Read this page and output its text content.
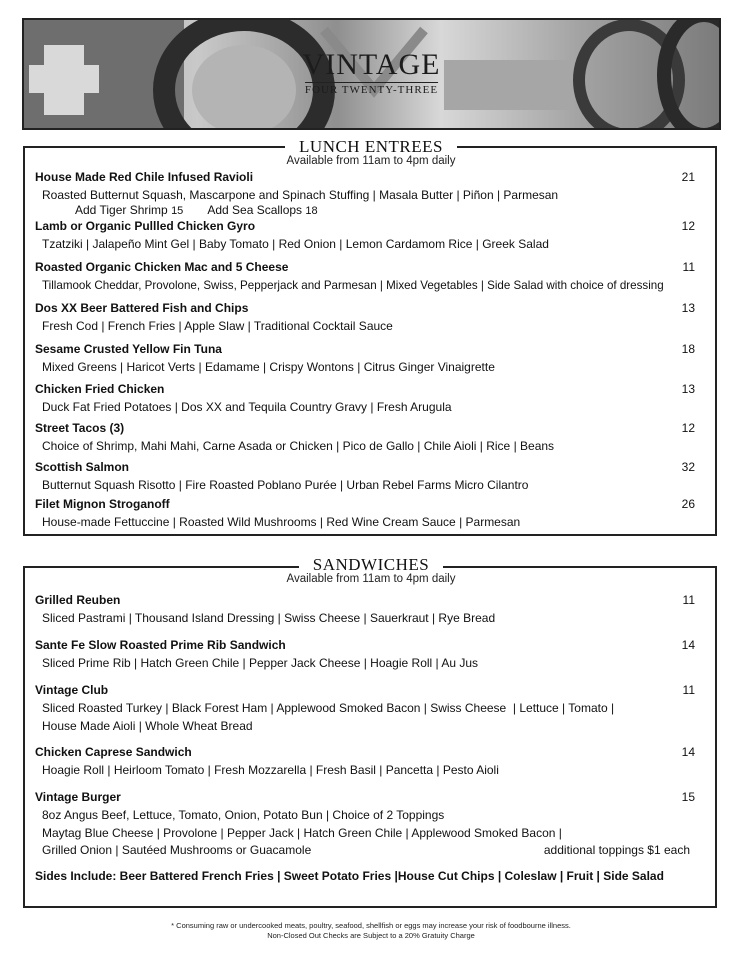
VINTAGE
FOUR TWENTY-THREE
LUNCH ENTREES
Available from 11am to 4pm daily
House Made Red Chile Infused Ravioli	21
Roasted Butternut Squash, Mascarpone and Spinach Stuffing | Masala Butter | Piñon | Parmesan
Add Tiger Shrimp 15 Add Sea Scallops 18
Lamb or Organic Pullled Chicken Gyro	12
Tzatziki | Jalapeño Mint Gel | Baby Tomato | Red Onion | Lemon Cardamom Rice | Greek Salad
Roasted Organic Chicken Mac and 5 Cheese	11
Tillamook Cheddar, Provolone, Swiss, Pepperjack and Parmesan | Mixed Vegetables | Side Salad with choice of dressing
Dos XX Beer Battered Fish and Chips	13
Fresh Cod | French Fries | Apple Slaw | Traditional Cocktail Sauce
Sesame Crusted Yellow Fin Tuna	18
Mixed Greens | Haricot Verts | Edamame | Crispy Wontons | Citrus Ginger Vinaigrette
Chicken Fried Chicken	13
Duck Fat Fried Potatoes | Dos XX and Tequila Country Gravy | Fresh Arugula
Street Tacos (3)	12
Choice of Shrimp, Mahi Mahi, Carne Asada or Chicken | Pico de Gallo | Chile Aioli | Rice | Beans
Scottish Salmon	32
Butternut Squash Risotto | Fire Roasted Poblano Purée | Urban Rebel Farms Micro Cilantro
Filet Mignon Stroganoff	26
House-made Fettuccine | Roasted Wild Mushrooms | Red Wine Cream Sauce | Parmesan
SANDWICHES
Available from 11am to 4pm daily
Grilled Reuben	11
Sliced Pastrami | Thousand Island Dressing | Swiss Cheese | Sauerkraut | Rye Bread
Sante Fe Slow Roasted Prime Rib Sandwich	14
Sliced Prime Rib | Hatch Green Chile | Pepper Jack Cheese | Hoagie Roll | Au Jus
Vintage Club	11
Sliced Roasted Turkey | Black Forest Ham | Applewood Smoked Bacon | Swiss Cheese  | Lettuce | Tomato |
House Made Aioli | Whole Wheat Bread
Chicken Caprese Sandwich	14
Hoagie Roll | Heirloom Tomato | Fresh Mozzarella | Fresh Basil | Pancetta | Pesto Aioli
Vintage Burger	15
8oz Angus Beef, Lettuce, Tomato, Onion, Potato Bun | Choice of 2 Toppings
Maytag Blue Cheese | Provolone | Pepper Jack | Hatch Green Chile | Applewood Smoked Bacon |
Grilled Onion | Sautéed Mushrooms or Guacamole	additional toppings $1 each
Sides Include: Beer Battered French Fries | Sweet Potato Fries |House Cut Chips | Coleslaw | Fruit | Side Salad
* Consuming raw or undercooked meats, poultry, seafood, shellfish or eggs may increase your risk of foodbourne illness.
Non-Closed Out Checks are Subject to a 20% Gratuity Charge
